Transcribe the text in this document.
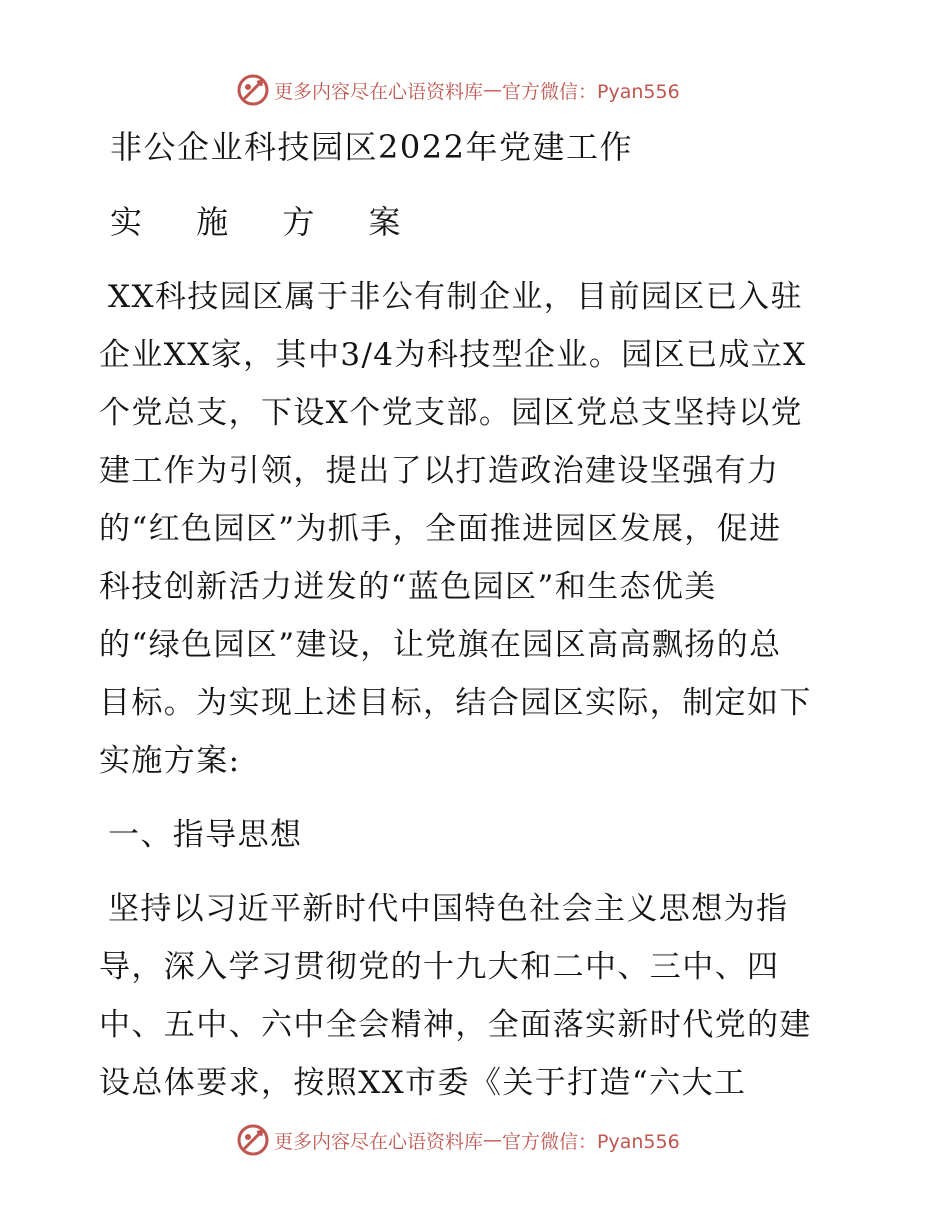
更多内容尽在心语资料库 — 官方微信：Pyan556
非公企业科技园区2022年党建工作
实 施 方 案
XX科技园区属于非公有制企业，目前园区已入驻
企业XX家，其中3/4为科技型企业。园区已成立X
个党总支，下设X个党支部。园区党总支坚持以党
建工作为引领，提出了以打造政治建设坚强有力
的“红色园区”为抓手，全面推进园区发展，促进
科技创新活力迸发的“蓝色园区”和生态优美
的“绿色园区”建设，让党旗在园区高高飘扬的总
目标。为实现上述目标，结合园区实际，制定如下
实施方案:
一、指导思想
坚持以习近平新时代中国特色社会主义思想为指
导，深入学习贯彻党的十九大和二中、三中、四
中、五中、六中全会精神，全面落实新时代党的建
设总体要求，按照XX市委《关于打造“六大工
更多内容尽在心语资料库 — 官方微信：Pyan556
